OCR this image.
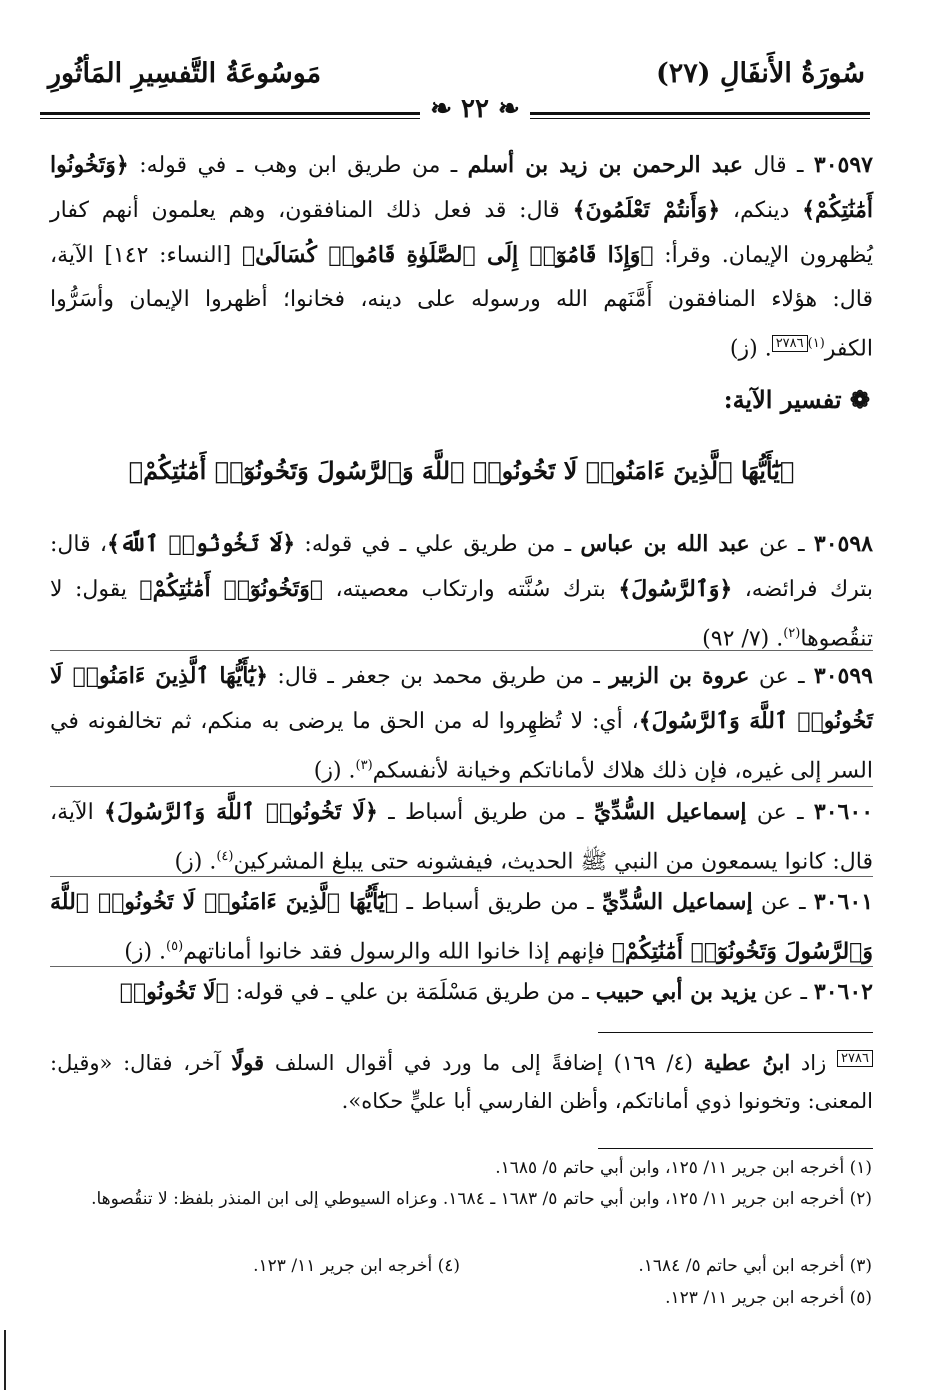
سُورَةُ الأَنفَالِ (٢٧)
مَوسُوعَةُ التَّفسِيرِ المَأثُورِ
❧ ٢٢ ❧

٣٠٥٩٧ ـ قال عبد الرحمن بن زيد بن أسلم ـ من طريق ابن وهب ـ في قوله: ﴿وَتَخُونُوا أَمَٰنَٰتِكُمْ﴾ دينكم، ﴿وَأَنتُمْ تَعْلَمُونَ﴾ قال: قد فعل ذلك المنافقون، وهم يعلمون أنهم كفار يُظهرون الإيمان. وقرأ: ﴿وَإِذَا قَامُوٓا۟ إِلَى ٱلصَّلَوٰةِ قَامُوا۟ كُسَالَىٰ﴾ [النساء: ١٤٢] الآية، قال: هؤلاء المنافقون أَمَّنَهم الله ورسوله على دينه، فخانوا؛ أظهروا الإيمان وأسَرُّوا الكفر$^{(١)٢٧٨٦}$. (ز)

❁ تفسير الآية:
﴿يَٰٓأَيُّهَا ٱلَّذِينَ ءَامَنُوا۟ لَا تَخُونُوا۟ ٱللَّهَ وَٱلرَّسُولَ وَتَخُونُوٓا۟ أَمَٰنَٰتِكُمْ﴾

٣٠٥٩٨ ـ عن عبد الله بن عباس ـ من طريق علي ـ في قوله: ﴿لَا تَخُونُوا۟ ٱللَّهَ﴾، قال: بترك فرائضه، ﴿وَٱلرَّسُولَ﴾ بترك سُنَّته وارتكاب معصيته، ﴿وَتَخُونُوٓا۟ أَمَٰنَٰتِكُمْ﴾ يقول: لا تنقُصوها$^{(٢)}$. (٧/ ٩٢)

٣٠٥٩٩ ـ عن عروة بن الزبير ـ من طريق محمد بن جعفر ـ قال: ﴿يَٰٓأَيُّهَا ٱلَّذِينَ ءَامَنُوا۟ لَا تَخُونُوا۟ ٱللَّهَ وَٱلرَّسُولَ﴾، أي: لا تُظهِروا له من الحق ما يرضى به منكم، ثم تخالفونه في السر إلى غيره، فإن ذلك هلاك لأماناتكم وخيانة لأنفسكم$^{(٣)}$. (ز)

٣٠٦٠٠ ـ عن إسماعيل السُّدِّيِّ ـ من طريق أسباط ـ ﴿لَا تَخُونُوا۟ ٱللَّهَ وَٱلرَّسُولَ﴾ الآية، قال: كانوا يسمعون من النبي ﷺ الحديث، فيفشونه حتى يبلغ المشركين$^{(٤)}$. (ز)

٣٠٦٠١ ـ عن إسماعيل السُّدِّيِّ ـ من طريق أسباط ـ ﴿يَٰٓأَيُّهَا ٱلَّذِينَ ءَامَنُوا۟ لَا تَخُونُوا۟ ٱللَّهَ وَٱلرَّسُولَ وَتَخُونُوٓا۟ أَمَٰنَٰتِكُمْ﴾ فإنهم إذا خانوا الله والرسول فقد خانوا أماناتهم$^{(٥)}$. (ز)

٣٠٦٠٢ ـ عن يزيد بن أبي حبيب ـ من طريق مَسْلَمَة بن علي ـ في قوله: ﴿لَا تَخُونُوا۟

$^{٢٧٨٦}$ زاد ابنُ عطية (٤/ ١٦٩) إضافةً إلى ما ورد في أقوال السلف قولًا آخر، فقال: «وقيل: المعنى: وتخونوا ذوي أماناتكم، وأظن الفارسي أبا عليٍّ حكاه».

(١) أخرجه ابن جرير ١١/ ١٢٥، وابن أبي حاتم ٥/ ١٦٨٥.
(٢) أخرجه ابن جرير ١١/ ١٢٥، وابن أبي حاتم ٥/ ١٦٨٣ ـ ١٦٨٤. وعزاه السيوطي إلى ابن المنذر بلفظ: لا تنقُصوها.
(٣) أخرجه ابن أبي حاتم ٥/ ١٦٨٤.
(٤) أخرجه ابن جرير ١١/ ١٢٣.
(٥) أخرجه ابن جرير ١١/ ١٢٣.
